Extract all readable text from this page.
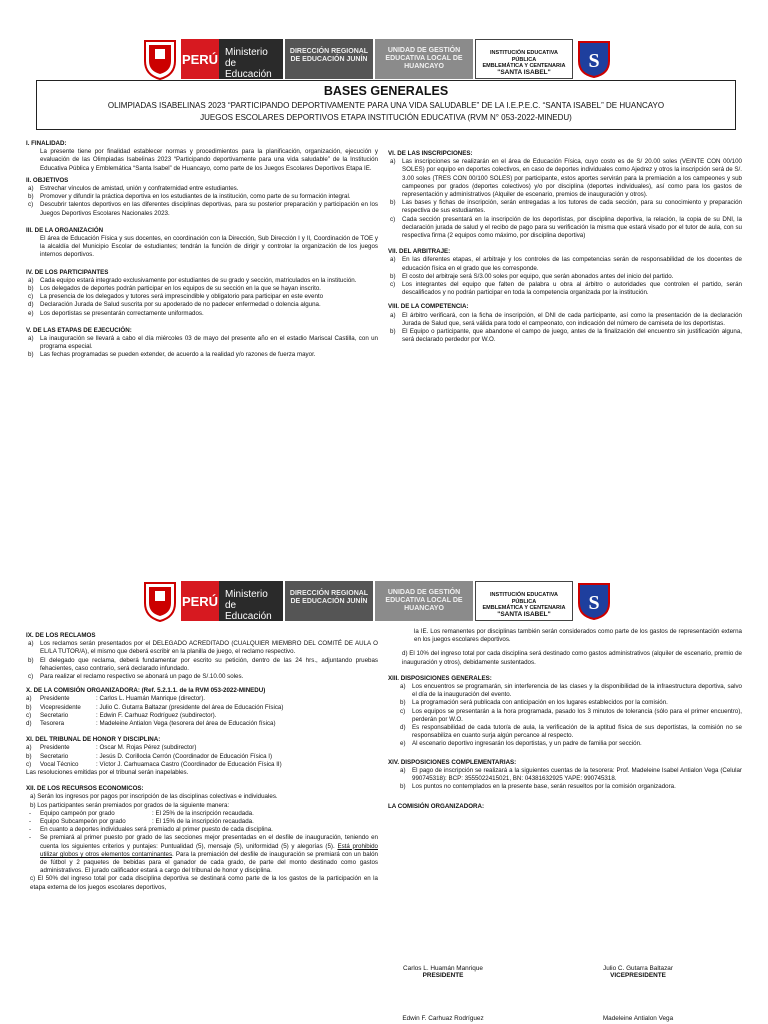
PERÚ Ministerio de Educación
DIRECCIÓN REGIONAL DE EDUCACIÓN JUNÍN
UNIDAD DE GESTIÓN EDUCATIVA LOCAL DE HUANCAYO
INSTITUCIÓN EDUCATIVA PÚBLICA
EMBLEMÁTICA Y CENTENARIA
"SANTA ISABEL"	S
BASES GENERALES

OLIMPIADAS ISABELINAS 2023 “PARTICIPANDO DEPORTIVAMENTE PARA UNA VIDA SALUDABLE” DE LA I.E.P.E.C. “SANTA ISABEL” DE HUANCAYO

JUEGOS ESCOLARES DEPORTIVOS ETAPA INSTITUCIÓN EDUCATIVA (RVM N° 053-2022-MINEDU)

I. FINALIDAD:

La presente tiene por finalidad establecer normas y procedimientos para la planificación, organización, ejecución y evaluación de las Olimpiadas Isabelinas 2023 “Participando deportivamente para una vida saludable” de la Institución Educativa Pública y Emblemática “Santa Isabel” de Huancayo, como parte de los Juegos Escolares Deportivos Etapa IE.

II. OBJETIVOS
a) Estrechar vínculos de amistad, unión y confraternidad entre estudiantes.
b) Promover y difundir la práctica deportiva en los estudiantes de la institución, como parte de su formación integral.
c) Descubrir talentos deportivos en las diferentes disciplinas deportivas, para su posterior preparación y participación en los Juegos Deportivos Escolares Nacionales 2023.
III. DE LA ORGANIZACIÓN

El área de Educación Física y sus docentes, en coordinación con la Dirección, Sub Dirección I y II, Coordinación de TOE y la alcaldía del Municipio Escolar de estudiantes; tendrán la función de dirigir y controlar la organización de los juegos internos deportivos.

IV. DE LOS PARTICIPANTES
a) Cada equipo estará integrado exclusivamente por estudiantes de su grado y sección, matriculados en la institución.
b) Los delegados de deportes podrán participar en los equipos de su sección en la que se hayan inscrito.
c) La presencia de los delegados y tutores será imprescindible y obligatorio para participar en este evento
d) Declaración Jurada de Salud suscrita por su apoderado de no padecer enfermedad o dolencia alguna.
e) Los deportistas se presentarán correctamente uniformados.
V. DE LAS ETAPAS DE EJECUCIÓN:
a) La inauguración se llevará a cabo el día miércoles 03 de mayo del presente año en el estadio Mariscal Castilla, con un programa especial.
b) Las fechas programadas se pueden extender, de acuerdo a la realidad y/o razones de fuerza mayor.
VI. DE LAS INSCRIPCIONES:
a) Las inscripciones se realizarán en el área de Educación Física, cuyo costo es de S/ 20.00 soles (VEINTE CON 00/100 SOLES) por equipo en deportes colectivos, en caso de deportes individuales como Ajedrez y otros la inscripción será de S/. 3.00 soles (TRES CON 00/100 SOLES) por participante, estos aportes servirán para la premiación a los campeones y sub campeones por grados (deportes colectivos) y/o por disciplina (deportes individuales), así como para los gastos de representación y administrativos (Alquiler de escenario, premios de inauguración y otros).
b) Las bases y fichas de inscripción, serán entregadas a los tutores de cada sección, para su conocimiento y preparación respectiva de sus estudiantes.
c) Cada sección presentará en la inscripción de los deportistas, por disciplina deportiva, la relación, la copia de su DNI, la declaración jurada de salud y el recibo de pago para su verificación la misma que estará visado por el tutor de aula, con su respectiva firma (2 equipos como máximo, por disciplina deportiva)
VII. DEL ARBITRAJE:
a) En las diferentes etapas, el arbitraje y los controles de las competencias serán de responsabilidad de los docentes de educación física en el grado que les corresponde.
b) El costo del arbitraje será S/3.00 soles por equipo, que serán abonados antes del inicio del partido.
c) Los integrantes del equipo que falten de palabra u obra al árbitro o autoridades que controlen el partido, serán descalificados y no podrán participar en toda la competencia organizada por la institución.
VIII. DE LA COMPETENCIA:
a) El árbitro verificará, con la ficha de inscripción, el DNI de cada participante, así como la presentación de la declaración Jurada de Salud que, será válida para todo el campeonato, con indicación del número de camiseta de los deportistas.
b) El Equipo o participante, que abandone el campo de juego, antes de la finalización del encuentro sin justificación alguna, será declarado perdedor por W.O.
PERÚ Ministerio de Educación
DIRECCIÓN REGIONAL DE EDUCACIÓN JUNÍN
UNIDAD DE GESTIÓN EDUCATIVA LOCAL DE HUANCAYO
INSTITUCIÓN EDUCATIVA PÚBLICA
EMBLEMÁTICA Y CENTENARIA
"SANTA ISABEL"	S
IX. DE LOS RECLAMOS
a) Los reclamos serán presentados por el DELEGADO ACREDITADO (CUALQUIER MIEMBRO DEL COMITÉ DE AULA O EL/LA TUTOR/A), el mismo que deberá escribir en la planilla de juego, el reclamo respectivo.
b) El delegado que reclama, deberá fundamentar por escrito su petición, dentro de las 24 hrs., adjuntando pruebas fehacientes, caso contrario, será declarado infundado.
c) Para realizar el reclamo respectivo se abonará un pago de S/.10.00 soles.
X. DE LA COMISIÓN ORGANIZADORA: (Ref. 5.2.1.1. de la RVM 053-2022-MINEDU)
a)	Presidente	: Carlos L. Huamán Manrique (director).
b)	Vicepresidente	: Julio C. Gutarra Baltazar (presidente del área de Educación Física)
c)	Secretario	: Edwin F. Carhuaz Rodríguez (subdirector).
d)	Tesorera	: Madeleine Antialon Vega (tesorera del área de Educación física)
XI. DEL TRIBUNAL DE HONOR Y DISCIPLINA:
a)	Presidente	: Oscar M. Rojas Pérez (subdirector)
b)	Secretario	: Jesús D. Corillocla Cerrón (Coordinador de Educación Física I)
c)	Vocal Técnico	: Víctor J. Carhuamaca Castro (Coordinador de Educación Física II)

Las resoluciones emitidas por el tribunal serán inapelables.

XII. DE LOS RECURSOS ECONOMICOS:

a) Serán los ingresos por pagos por inscripción de las disciplinas colectivas e individuales.

b) Los participantes serán premiados por grados de la siguiente manera:

- Equipo campeón por grado	: El 25% de la inscripción recaudada.
- Equipo Subcampeón por grado	: El 15% de la inscripción recaudada.
- En cuanto a deportes individuales será premiado al primer puesto de cada disciplina.
- Se premiará al primer puesto por grado de las secciones mejor presentadas en el desfile de inauguración, teniendo en cuenta los siguientes criterios y puntajes: Puntualidad (5), mensaje (5), uniformidad (5) y alegorías (5). Está prohibido utilizar globos y otros elementos contaminantes. Para la premiación del desfile de inauguración se premiará con un balón de fútbol y 2 paquetes de bebidas para el ganador de cada grado, de parte del monto destinado como gastos administrativos. El jurado calificador estará a cargo del tribunal de honor y disciplina.

c) El 50% del ingreso total por cada disciplina deportiva se destinará como parte de la los gastos de la participación en la etapa externa de los juegos escolares deportivos,

la IE. Los remanentes por disciplinas también serán considerados como parte de los gastos de representación externa en los juegos escolares deportivos.

d) El 10% del ingreso total por cada disciplina será destinado como gastos administrativos (alquiler de escenario, premio de inauguración y otros), debidamente sustentados.

XIII. DISPOSICIONES GENERALES:
a) Los encuentros se programarán, sin interferencia de las clases y la disponibilidad de la infraestructura deportiva, salvo el día de la inauguración del evento.
b) La programación será publicada con anticipación en los lugares establecidos por la comisión.
c) Los equipos se presentarán a la hora programada, pasado los 3 minutos de tolerancia (sólo para el primer encuentro), perderán por W.O.
d) Es responsabilidad de cada tutor/a de aula, la verificación de la aptitud física de sus deportistas, la comisión no se responsabiliza en cuanto surja algún percance al respecto.
e) Al escenario deportivo ingresarán los deportistas, y un padre de familia por sección.
XIV. DISPOSICIONES COMPLEMENTARIAS:
a) El pago de inscripción se realizará a la siguientes cuentas de la tesorera: Prof. Madeleine Isabel Antialon Vega (Celular 990745318): BCP: 3555022415021, BN: 04381632925 YAPE: 990745318.
b) Los puntos no contemplados en la presente base, serán resueltos por la comisión organizadora.
LA COMISIÓN ORGANIZADORA:
Carlos L. Huamán Manrique
PRESIDENTE
Julio C. Gutarra Baltazar
VICEPRESIDENTE
Edwin F. Carhuaz Rodríguez	Madeleine Antialon Vega
